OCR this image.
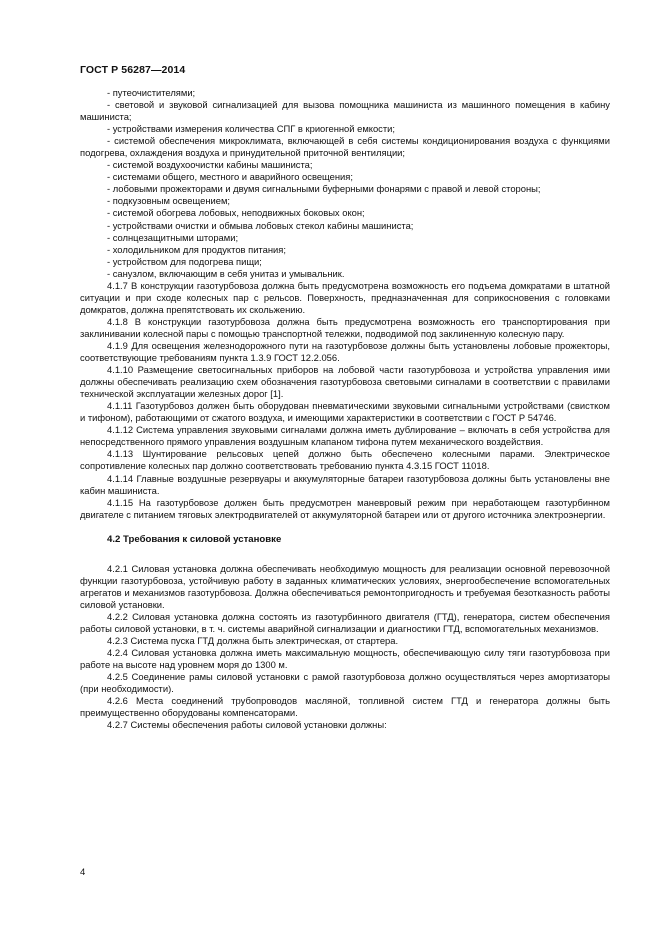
ГОСТ Р 56287—2014

- путеочистителями;

- световой и звуковой сигнализацией для вызова помощника машиниста из машинного помещения в кабину машиниста;

- устройствами измерения количества СПГ в криогенной емкости;

- системой обеспечения микроклимата, включающей в себя системы кондиционирования воздуха с функциями подогрева, охлаждения воздуха и принудительной приточной вентиляции;

- системой воздухоочистки кабины машиниста;

- системами общего, местного и аварийного освещения;

- лобовыми прожекторами и двумя сигнальными буферными фонарями с правой и левой стороны;

- подкузовным освещением;

- системой обогрева лобовых, неподвижных боковых окон;

- устройствами очистки и обмыва лобовых стекол кабины машиниста;

- солнцезащитными шторами;

- холодильником для продуктов питания;

- устройством для подогрева пищи;

- санузлом, включающим в себя унитаз и умывальник.

4.1.7 В конструкции газотурбовоза должна быть предусмотрена возможность его подъема домкратами в штатной ситуации и при сходе колесных пар с рельсов. Поверхность, предназначенная для соприкосновения с головками домкратов, должна препятствовать их скольжению.

4.1.8 В конструкции газотурбовоза должна быть предусмотрена возможность его транспортирования при заклинивании колесной пары с помощью транспортной тележки, подводимой под заклиненную колесную пару.

4.1.9 Для освещения железнодорожного пути на газотурбовозе должны быть установлены лобовые прожекторы, соответствующие требованиям пункта 1.3.9 ГОСТ 12.2.056.

4.1.10 Размещение светосигнальных приборов на лобовой части газотурбовоза и устройства управления ими должны обеспечивать реализацию схем обозначения газотурбовоза световыми сигналами в соответствии с правилами технической эксплуатации железных дорог [1].

4.1.11 Газотурбовоз должен быть оборудован пневматическими звуковыми сигнальными устройствами (свистком и тифоном), работающими от сжатого воздуха, и имеющими характеристики в соответствии с ГОСТ Р 54746.

4.1.12 Система управления звуковыми сигналами должна иметь дублирование – включать в себя устройства для непосредственного прямого управления воздушным клапаном тифона путем механического воздействия.

4.1.13 Шунтирование рельсовых цепей должно быть обеспечено колесными парами. Электрическое сопротивление колесных пар должно соответствовать требованию пункта 4.3.15 ГОСТ 11018.

4.1.14 Главные воздушные резервуары и аккумуляторные батареи газотурбовоза должны быть установлены вне кабин машиниста.

4.1.15 На газотурбовозе должен быть предусмотрен маневровый режим при неработающем газотурбинном двигателе с питанием тяговых электродвигателей от аккумуляторной батареи или от другого источника электроэнергии.

4.2 Требования к силовой установке

4.2.1 Силовая установка должна обеспечивать необходимую мощность для реализации основной перевозочной функции газотурбовоза, устойчивую работу в заданных климатических условиях, энергообеспечение вспомогательных агрегатов и механизмов газотурбовоза. Должна обеспечиваться ремонтопригодность и требуемая безотказность работы силовой установки.

4.2.2 Силовая установка должна состоять из газотурбинного двигателя (ГТД), генератора, систем обеспечения работы силовой установки, в т. ч. системы аварийной сигнализации и диагностики ГТД, вспомогательных механизмов.

4.2.3 Система пуска ГТД должна быть электрическая, от стартера.

4.2.4 Силовая установка должна иметь максимальную мощность, обеспечивающую силу тяги газотурбовоза при работе на высоте над уровнем моря до 1300 м.

4.2.5 Соединение рамы силовой установки с рамой газотурбовоза должно осуществляться через амортизаторы (при необходимости).

4.2.6 Места соединений трубопроводов масляной, топливной систем ГТД и генератора должны быть преимущественно оборудованы компенсаторами.

4.2.7 Системы обеспечения работы силовой установки должны:

4
